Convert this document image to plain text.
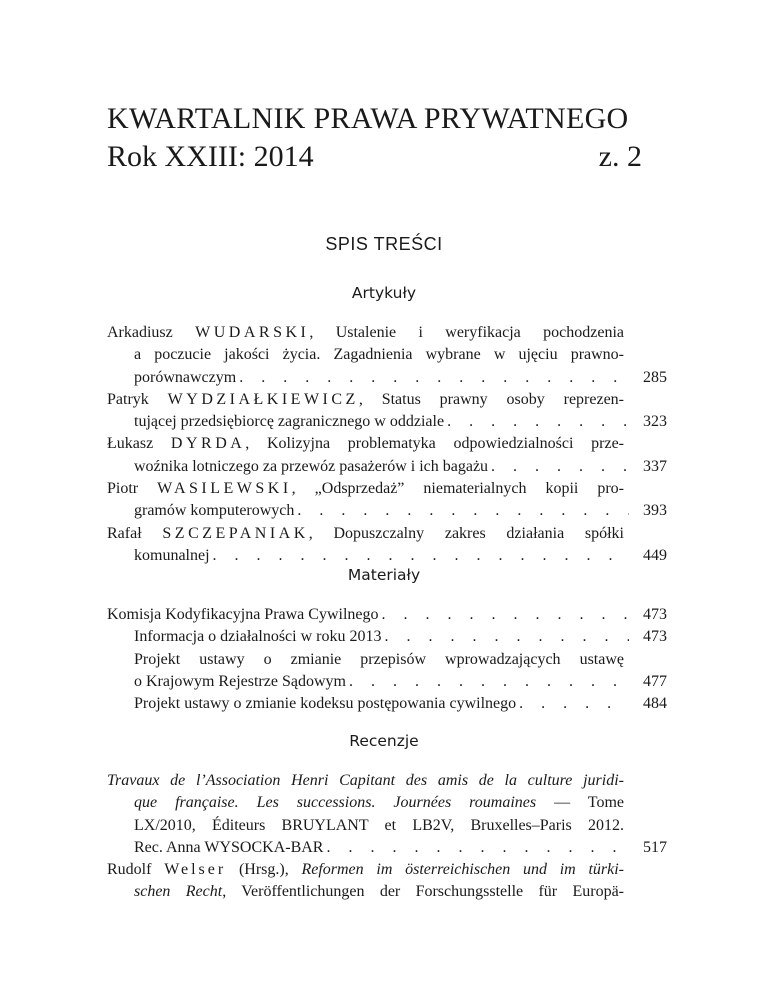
KWARTALNIK PRAWA PRYWATNEGO
Rok XXIII: 2014	z. 2
SPIS TREŚCI
Artykuły
Arkadiusz WUDARSKI, Ustalenie i weryfikacja pochodzenia
a poczucie jakości życia. Zagadnienia wybrane w ujęciu prawno-
porównawczym . . .	285
Patryk WYDZIAŁKIEWICZ, Status prawny osoby reprezen-
tującej przedsiębiorcę zagranicznego w oddziale . . .	323
Łukasz DYRDA, Kolizyjna problematyka odpowiedzialności prze-
woźnika lotniczego za przewóz pasażerów i ich bagażu . . .	337
Piotr WASILEWSKI, „Odsprzedaż” niematerialnych kopii pro-
gramów komputerowych . . .	393
Rafał SZCZEPANIAK, Dopuszczalny zakres działania spółki
komunalnej . . .	449
Materiały
Komisja Kodyfikacyjna Prawa Cywilnego . . .	473
Informacja o działalności w roku 2013 . . .	473
Projekt ustawy o zmianie przepisów wprowadzających ustawę
o Krajowym Rejestrze Sądowym . . .	477
Projekt ustawy o zmianie kodeksu postępowania cywilnego . . .	484
Recenzje
Travaux de l’Association Henri Capitant des amis de la culture juridi-
que française. Les successions. Journées roumaines — Tome
LX/2010, Éditeurs BRUYLANT et LB2V, Bruxelles–Paris 2012.
Rec. Anna WYSOCKA-BAR . . .	517
Rudolf Welser (Hrsg.), Reformen im österreichischen und im türki-
schen Recht, Veröffentlichungen der Forschungsstelle für Europä-
